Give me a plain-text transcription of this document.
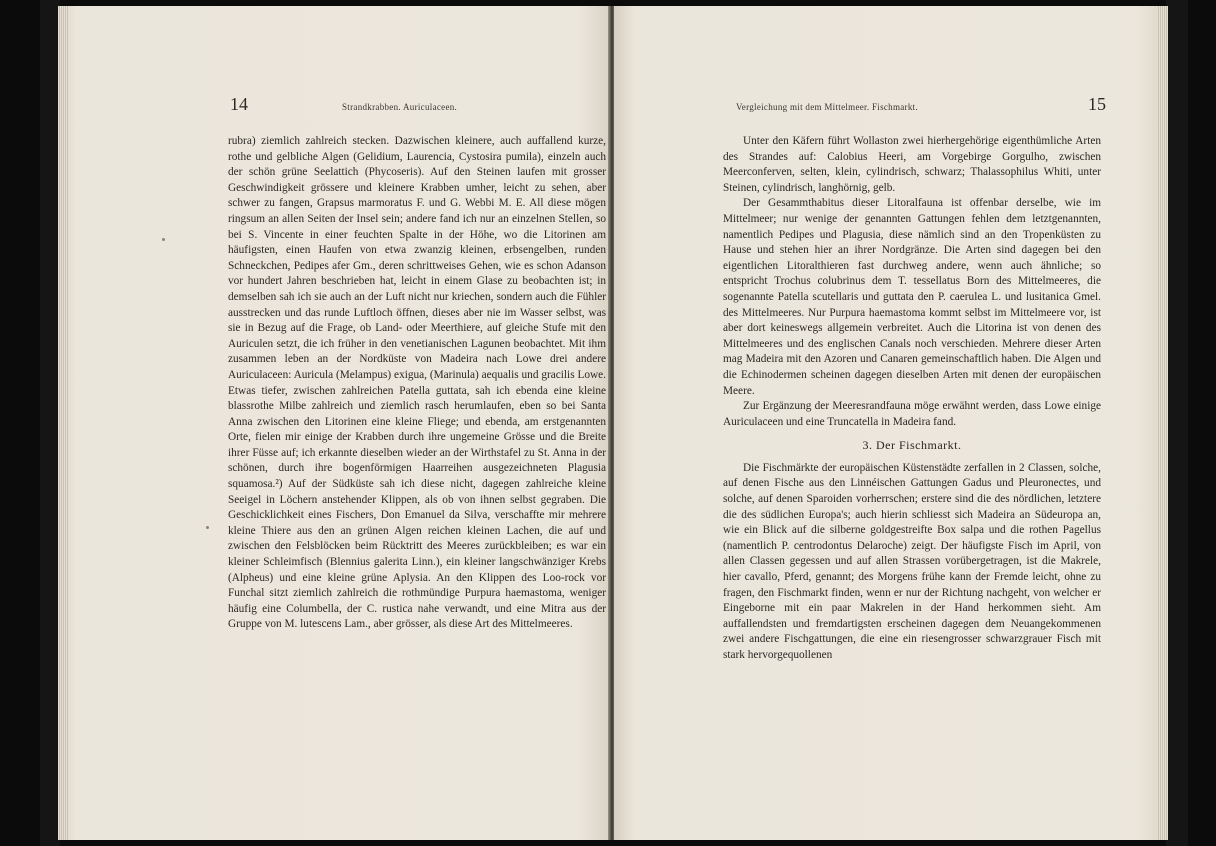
14	Strandkrabben. Auriculaceen.

rubra) ziemlich zahlreich stecken. Dazwischen kleinere, auch auffallend kurze, rothe und gelbliche Algen (Gelidium, Laurencia, Cystosira pumila), einzeln auch der schön grüne Seelattich (Phycoseris). Auf den Steinen laufen mit grosser Geschwindigkeit grössere und kleinere Krabben umher, leicht zu sehen, aber schwer zu fangen, Grapsus marmoratus F. und G. Webbi M. E. All diese mögen ringsum an allen Seiten der Insel sein; andere fand ich nur an einzelnen Stellen, so bei S. Vincente in einer feuchten Spalte in der Höhe, wo die Litorinen am häufigsten, einen Haufen von etwa zwanzig kleinen, erbsengelben, runden Schneckchen, Pedipes afer Gm., deren schrittweises Gehen, wie es schon Adanson vor hundert Jahren beschrieben hat, leicht in einem Glase zu beobachten ist; in demselben sah ich sie auch an der Luft nicht nur kriechen, sondern auch die Fühler ausstrecken und das runde Luftloch öffnen, dieses aber nie im Wasser selbst, was sie in Bezug auf die Frage, ob Land- oder Meerthiere, auf gleiche Stufe mit den Auriculen setzt, die ich früher in den venetianischen Lagunen beobachtet. Mit ihm zusammen leben an der Nordküste von Madeira nach Lowe drei andere Auriculaceen: Auricula (Melampus) exigua, (Marinula) aequalis und gracilis Lowe. Etwas tiefer, zwischen zahlreichen Patella guttata, sah ich ebenda eine kleine blassrothe Milbe zahlreich und ziemlich rasch herumlaufen, eben so bei Santa Anna zwischen den Litorinen eine kleine Fliege; und ebenda, am erstgenannten Orte, fielen mir einige der Krabben durch ihre ungemeine Grösse und die Breite ihrer Füsse auf; ich erkannte dieselben wieder an der Wirthstafel zu St. Anna in der schönen, durch ihre bogenförmigen Haarreihen ausgezeichneten Plagusia squamosa.²) Auf der Südküste sah ich diese nicht, dagegen zahlreiche kleine Seeigel in Löchern anstehender Klippen, als ob von ihnen selbst gegraben. Die Geschicklichkeit eines Fischers, Don Emanuel da Silva, verschaffte mir mehrere kleine Thiere aus den an grünen Algen reichen kleinen Lachen, die auf und zwischen den Felsblöcken beim Rücktritt des Meeres zurückbleiben; es war ein kleiner Schleimfisch (Blennius galerita Linn.), ein kleiner langschwänziger Krebs (Alpheus) und eine kleine grüne Aplysia. An den Klippen des Loo-rock vor Funchal sitzt ziemlich zahlreich die rothmündige Purpura haemastoma, weniger häufig eine Columbella, der C. rustica nahe verwandt, und eine Mitra aus der Gruppe von M. lutescens Lam., aber grösser, als diese Art des Mittelmeeres.

Vergleichung mit dem Mittelmeer. Fischmarkt.	15

Unter den Käfern führt Wollaston zwei hierhergehörige eigenthümliche Arten des Strandes auf: Calobius Heeri, am Vorgebirge Gorgulho, zwischen Meerconferven, selten, klein, cylindrisch, schwarz; Thalassophilus Whiti, unter Steinen, cylindrisch, langhörnig, gelb.

Der Gesammthabitus dieser Litoralfauna ist offenbar derselbe, wie im Mittelmeer; nur wenige der genannten Gattungen fehlen dem letztgenannten, namentlich Pedipes und Plagusia, diese nämlich sind an den Tropenküsten zu Hause und stehen hier an ihrer Nordgränze. Die Arten sind dagegen bei den eigentlichen Litoralthieren fast durchweg andere, wenn auch ähnliche; so entspricht Trochus colubrinus dem T. tessellatus Born des Mittelmeeres, die sogenannte Patella scutellaris und guttata den P. caerulea L. und lusitanica Gmel. des Mittelmeeres. Nur Purpura haemastoma kommt selbst im Mittelmeere vor, ist aber dort keineswegs allgemein verbreitet. Auch die Litorina ist von denen des Mittelmeeres und des englischen Canals noch verschieden. Mehrere dieser Arten mag Madeira mit den Azoren und Canaren gemeinschaftlich haben. Die Algen und die Echinodermen scheinen dagegen dieselben Arten mit denen der europäischen Meere.

Zur Ergänzung der Meeresrandfauna möge erwähnt werden, dass Lowe einige Auriculaceen und eine Truncatella in Madeira fand.

3. Der Fischmarkt.

Die Fischmärkte der europäischen Küstenstädte zerfallen in 2 Classen, solche, auf denen Fische aus den Linnéischen Gattungen Gadus und Pleuronectes, und solche, auf denen Sparoiden vorherrschen; erstere sind die des nördlichen, letztere die des südlichen Europa's; auch hierin schliesst sich Madeira an Südeuropa an, wie ein Blick auf die silberne goldgestreifte Box salpa und die rothen Pagellus (namentlich P. centrodontus Delaroche) zeigt. Der häufigste Fisch im April, von allen Classen gegessen und auf allen Strassen vorübergetragen, ist die Makrele, hier cavallo, Pferd, genannt; des Morgens frühe kann der Fremde leicht, ohne zu fragen, den Fischmarkt finden, wenn er nur der Richtung nachgeht, von welcher er Eingeborne mit ein paar Makrelen in der Hand herkommen sieht. Am auffallendsten und fremdartigsten erscheinen dagegen dem Neuangekommenen zwei andere Fischgattungen, die eine ein riesengrosser schwarzgrauer Fisch mit stark hervorgequollenen
